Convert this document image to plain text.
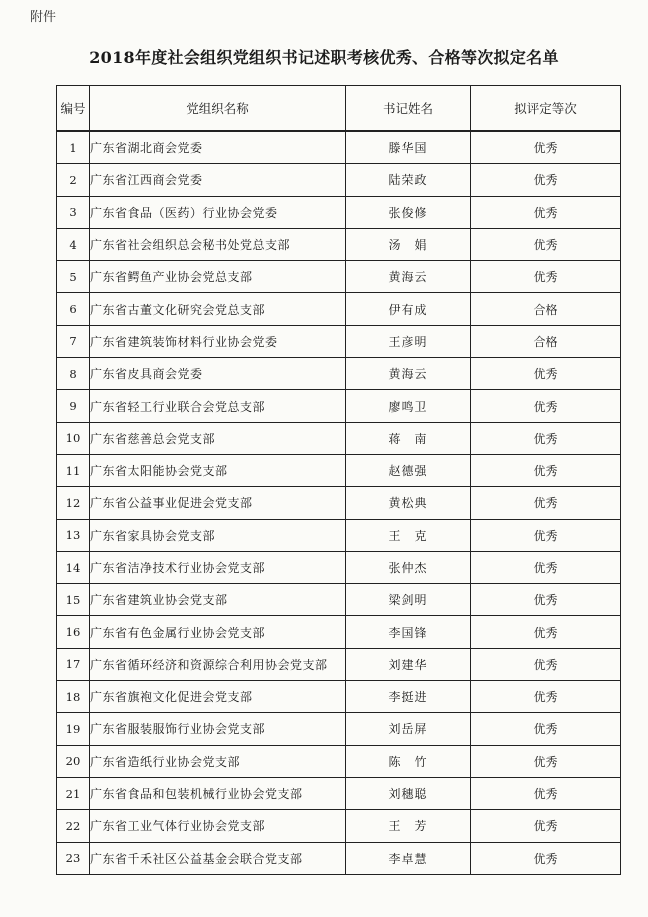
附件
2018年度社会组织党组织书记述职考核优秀、合格等次拟定名单
编号	党组织名称	书记姓名	拟评定等次
1	广东省湖北商会党委	滕华国	优秀
2	广东省江西商会党委	陆荣政	优秀
3	广东省食品（医药）行业协会党委	张俊修	优秀
4	广东省社会组织总会秘书处党总支部	汤　娟	优秀
5	广东省鳄鱼产业协会党总支部	黄海云	优秀
6	广东省古董文化研究会党总支部	伊有成	合格
7	广东省建筑装饰材料行业协会党委	王彦明	合格
8	广东省皮具商会党委	黄海云	优秀
9	广东省轻工行业联合会党总支部	廖鸣卫	优秀
10	广东省慈善总会党支部	蒋　南	优秀
11	广东省太阳能协会党支部	赵德强	优秀
12	广东省公益事业促进会党支部	黄松典	优秀
13	广东省家具协会党支部	王　克	优秀
14	广东省洁净技术行业协会党支部	张仲杰	优秀
15	广东省建筑业协会党支部	梁剑明	优秀
16	广东省有色金属行业协会党支部	李国锋	优秀
17	广东省循环经济和资源综合利用协会党支部	刘建华	优秀
18	广东省旗袍文化促进会党支部	李挺进	优秀
19	广东省服装服饰行业协会党支部	刘岳屏	优秀
20	广东省造纸行业协会党支部	陈　竹	优秀
21	广东省食品和包装机械行业协会党支部	刘穗聪	优秀
22	广东省工业气体行业协会党支部	王　芳	优秀
23	广东省千禾社区公益基金会联合党支部	李卓慧	优秀
